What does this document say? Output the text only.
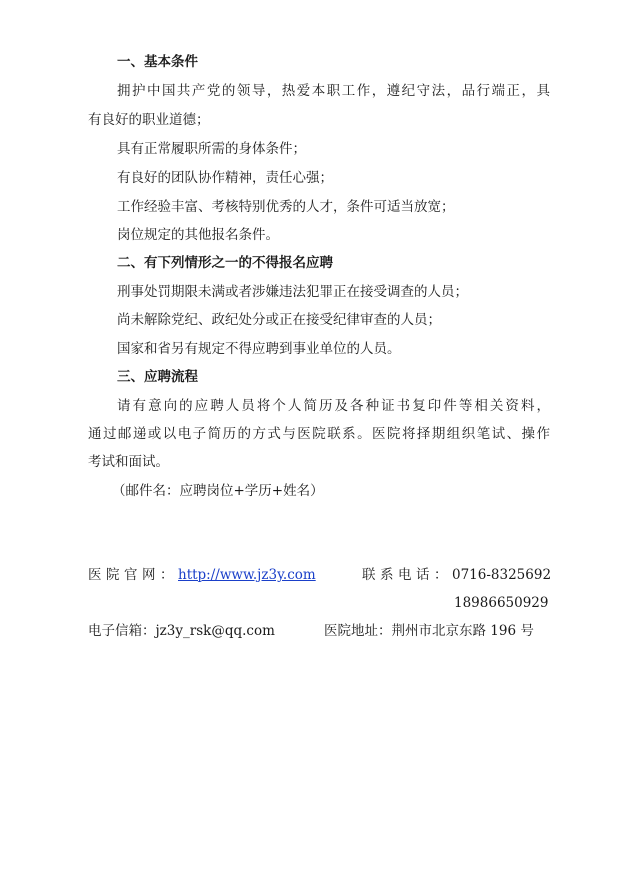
一、基本条件
拥护中国共产党的领导，热爱本职工作，遵纪守法，品行端正，具
有良好的职业道德；
具有正常履职所需的身体条件；
有良好的团队协作精神，责任心强；
工作经验丰富、考核特别优秀的人才，条件可适当放宽；
岗位规定的其他报名条件。
二、有下列情形之一的不得报名应聘
刑事处罚期限未满或者涉嫌违法犯罪正在接受调查的人员；
尚未解除党纪、政纪处分或正在接受纪律审查的人员；
国家和省另有规定不得应聘到事业单位的人员。
三、应聘流程
请有意向的应聘人员将个人简历及各种证书复印件等相关资料，
通过邮递或以电子简历的方式与医院联系。医院将择期组织笔试、操作
考试和面试。
（邮件名：应聘岗位+学历+姓名）
医院官网：http://www.jz3y.com	联系电话：0716-8325692
18986650929
电子信箱：jz3y_rsk@qq.com	医院地址：荆州市北京东路 196 号
